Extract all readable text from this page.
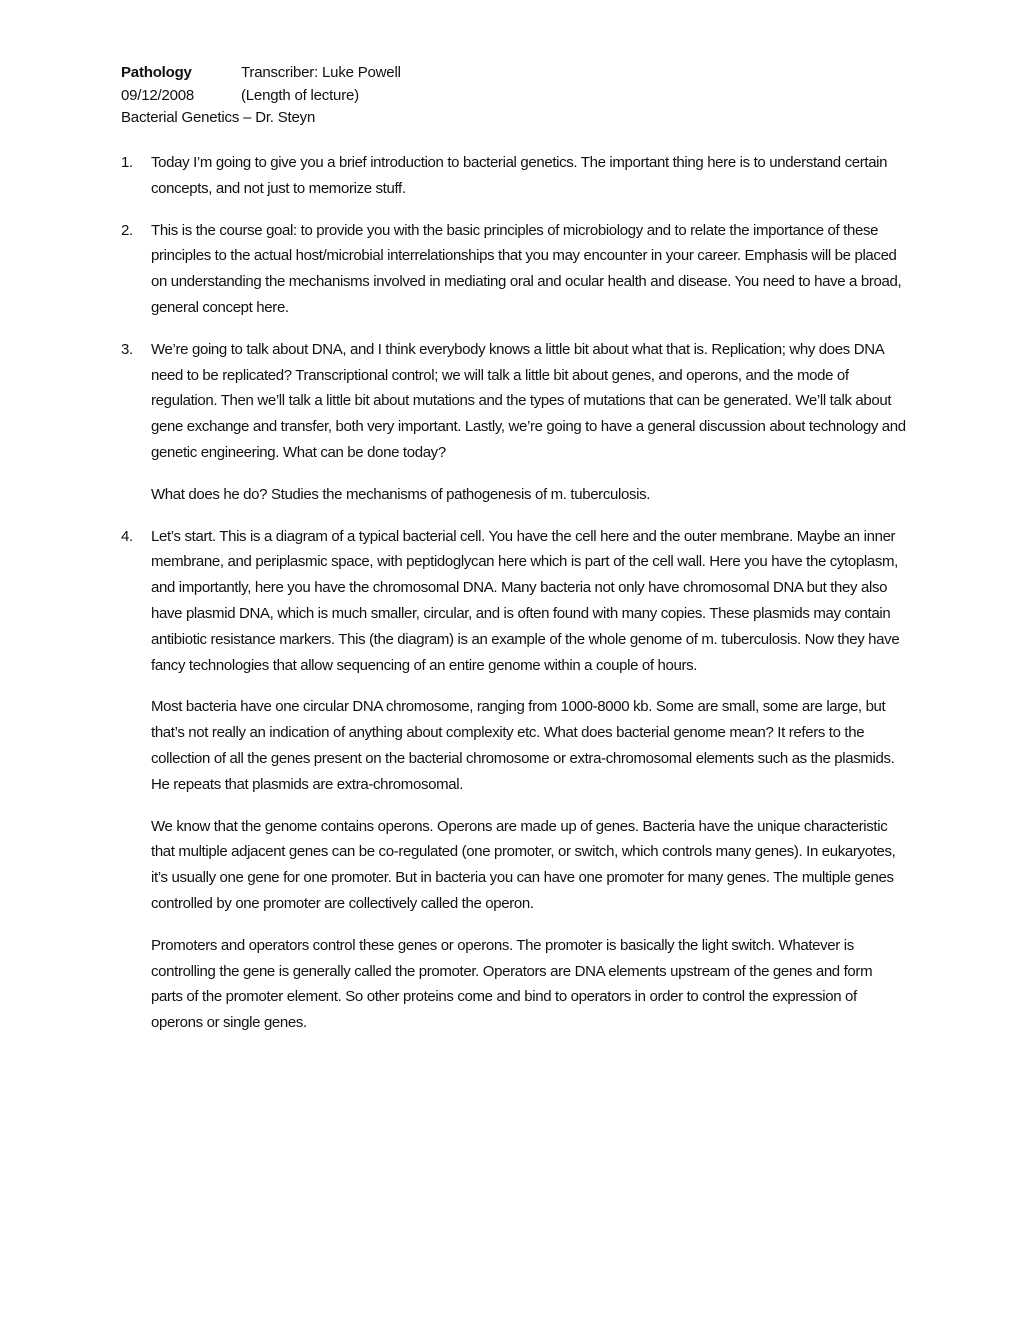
Pathology	Transcriber: Luke Powell
09/12/2008	(Length of lecture)
Bacterial Genetics – Dr. Steyn
1.	Today I’m going to give you a brief introduction to bacterial genetics. The important thing here is to understand certain concepts, and not just to memorize stuff.

2.	This is the course goal: to provide you with the basic principles of microbiology and to relate the importance of these principles to the actual host/microbial interrelationships that you may encounter in your career. Emphasis will be placed on understanding the mechanisms involved in mediating oral and ocular health and disease. You need to have a broad, general concept here.

3.	We’re going to talk about DNA, and I think everybody knows a little bit about what that is. Replication; why does DNA need to be replicated? Transcriptional control; we will talk a little bit about genes, and operons, and the mode of regulation. Then we’ll talk a little bit about mutations and the types of mutations that can be generated. We’ll talk about gene exchange and transfer, both very important. Lastly, we’re going to have a general discussion about technology and genetic engineering. What can be done today?

What does he do? Studies the mechanisms of pathogenesis of m. tuberculosis.

4.	Let’s start. This is a diagram of a typical bacterial cell. You have the cell here and the outer membrane. Maybe an inner membrane, and periplasmic space, with peptidoglycan here which is part of the cell wall. Here you have the cytoplasm, and importantly, here you have the chromosomal DNA. Many bacteria not only have chromosomal DNA but they also have plasmid DNA, which is much smaller, circular, and is often found with many copies. These plasmids may contain antibiotic resistance markers. This (the diagram) is an example of the whole genome of m. tuberculosis. Now they have fancy technologies that allow sequencing of an entire genome within a couple of hours.

Most bacteria have one circular DNA chromosome, ranging from 1000-8000 kb. Some are small, some are large, but that’s not really an indication of anything about complexity etc. What does bacterial genome mean? It refers to the collection of all the genes present on the bacterial chromosome or extra-chromosomal elements such as the plasmids. He repeats that plasmids are extra-chromosomal.

We know that the genome contains operons. Operons are made up of genes. Bacteria have the unique characteristic that multiple adjacent genes can be co-regulated (one promoter, or switch, which controls many genes). In eukaryotes, it’s usually one gene for one promoter. But in bacteria you can have one promoter for many genes. The multiple genes controlled by one promoter are collectively called the operon.

Promoters and operators control these genes or operons. The promoter is basically the light switch. Whatever is controlling the gene is generally called the promoter. Operators are DNA elements upstream of the genes and form parts of the promoter element. So other proteins come and bind to operators in order to control the expression of operons or single genes.
